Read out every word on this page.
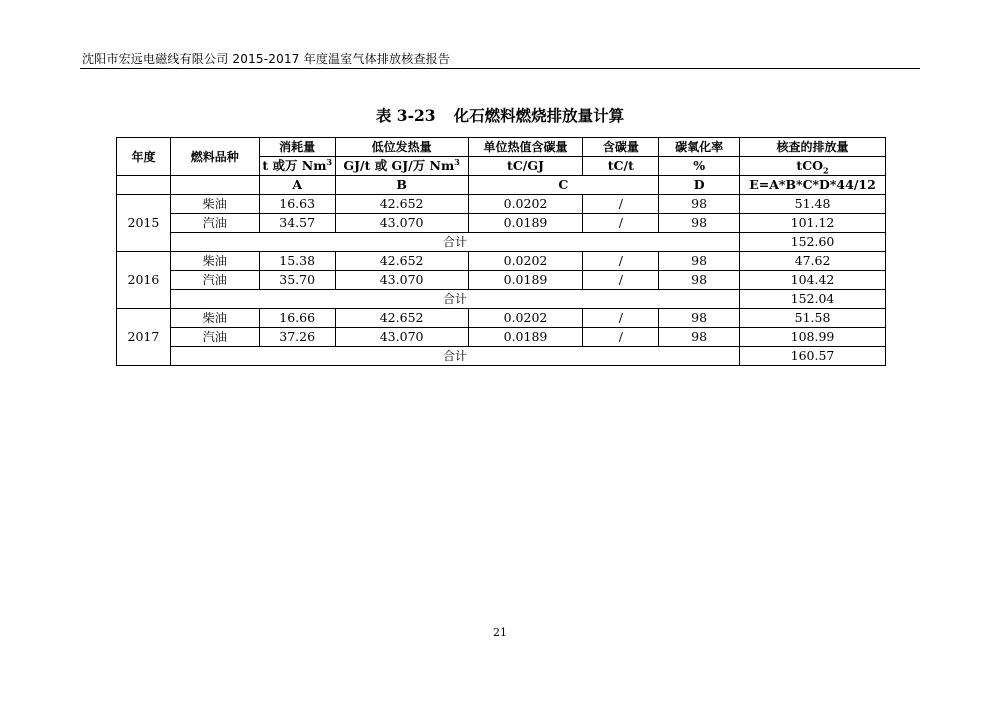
沈阳市宏远电磁线有限公司 2015-2017 年度温室气体排放核查报告
表 3-23 化石燃料燃烧排放量计算
年度	燃料品种	消耗量	低位发热量	单位热值含碳量	含碳量	碳氧化率	核查的排放量
		t 或万 Nm$^3$	GJ/t 或 GJ/万 Nm$^3$	tC/GJ	tC/t	%	tCO$_2$
		A	B	C		D	E=A*B*C*D*44/12
2015	柴油	16.63	42.652	0.0202	/	98	51.48
	汽油	34.57	43.070	0.0189	/	98	101.12
	合计						152.60
2016	柴油	15.38	42.652	0.0202	/	98	47.62
	汽油	35.70	43.070	0.0189	/	98	104.42
	合计						152.04
2017	柴油	16.66	42.652	0.0202	/	98	51.58
	汽油	37.26	43.070	0.0189	/	98	108.99
	合计						160.57
21
